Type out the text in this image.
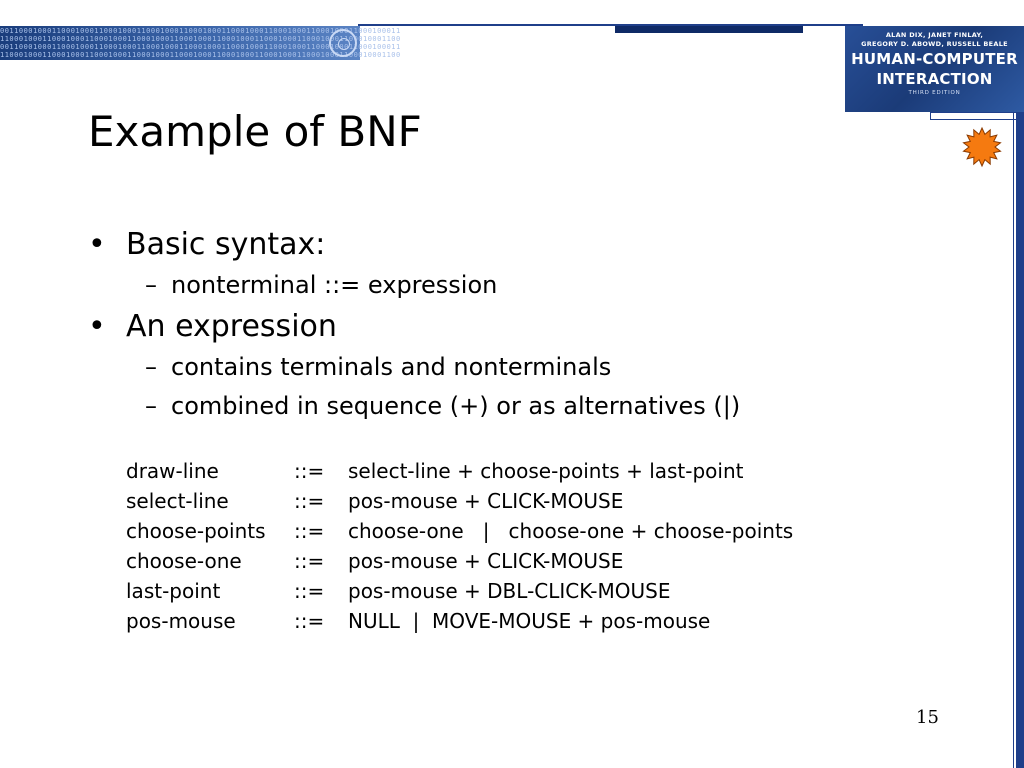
0011000100011000100011000100011000100011000100011000100011000100011000100011000100011
1100010001100010001100010001100010001100010001100010001100010001100010001100010001100
0011000100011000100011000100011000100011000100011000100011000100011000100011000100011
1100010001100010001100010001100010001100010001100010001100010001100010001100010001100
ALAN DIX, JANET FINLAY,
GREGORY D. ABOWD, RUSSELL BEALE
HUMAN-COMPUTER
INTERACTION
THIRD EDITION
Example of BNF
• Basic syntax:
– nonterminal ::= expression
• An expression
– contains terminals and nonterminals
– combined in sequence (+) or as alternatives (|)
draw-line	::= select-line + choose-points + last-point
select-line	::= pos-mouse + CLICK-MOUSE
choose-points ::= choose-one   |   choose-one + choose-points
choose-one	::= pos-mouse + CLICK-MOUSE
last-point	::= pos-mouse + DBL-CLICK-MOUSE
pos-mouse	::= NULL  |  MOVE-MOUSE + pos-mouse
15
